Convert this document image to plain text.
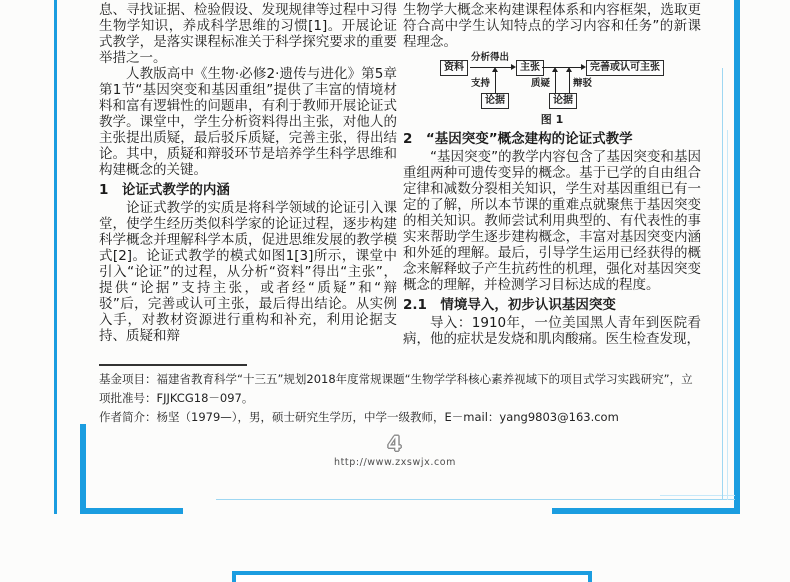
息、寻找证据、检验假设、发现规律等过程中习得生物学知识，养成科学思维的习惯[1]。开展论证式教学，是落实课程标准关于科学探究要求的重要举措之一。

人教版高中《生物·必修2·遗传与进化》第5章第1节“基因突变和基因重组”提供了丰富的情境材料和富有逻辑性的问题串，有利于教师开展论证式教学。课堂中，学生分析资料得出主张，对他人的主张提出质疑，最后驳斥质疑，完善主张，得出结论。其中，质疑和辩驳环节是培养学生科学思维和构建概念的关键。

1　论证式教学的内涵

论证式教学的实质是将科学领域的论证引入课堂，使学生经历类似科学家的论证过程，逐步构建科学概念并理解科学本质，促进思维发展的教学模式[2]。论证式教学的模式如图1[3]所示，课堂中引入“论证”的过程，从分析“资料”得出“主张”，提供“论据”支持主张，或者经“质疑”和“辩驳”后，完善或认可主张，最后得出结论。从实例入手，对教材资源进行重构和补充，利用论据支持、质疑和辩

生物学大概念来构建课程体系和内容框架，选取更符合高中学生认知特点的学习内容和任务”的新课程理念。

资料
分析得出
主张	完善或认可主张
支持
论据
质疑 辩驳
论据
图 1
2　“基因突变”概念建构的论证式教学

“基因突变”的教学内容包含了基因突变和基因重组两种可遗传变异的概念。基于已学的自由组合定律和减数分裂相关知识，学生对基因重组已有一定的了解，所以本节课的重难点就聚焦于基因突变的相关知识。教师尝试利用典型的、有代表性的事实来帮助学生逐步建构概念，丰富对基因突变内涵和外延的理解。最后，引导学生运用已经获得的概念来解释蚊子产生抗药性的机理，强化对基因突变概念的理解，并检测学习目标达成的程度。

2.1　情境导入，初步认识基因突变

导入：1910年，一位美国黑人青年到医院看病，他的症状是发烧和肌肉酸痛。医生检查发现，

基金项目：福建省教育科学“十三五”规划2018年度常规课题“生物学学科核心素养视域下的项目式学习实践研究”，立
项批准号：FJJKCG18－097。
作者简介：杨坚（1979—），男，硕士研究生学历，中学一级教师，E－mail：yang9803@163.com
4
http://www.zxswjx.com
